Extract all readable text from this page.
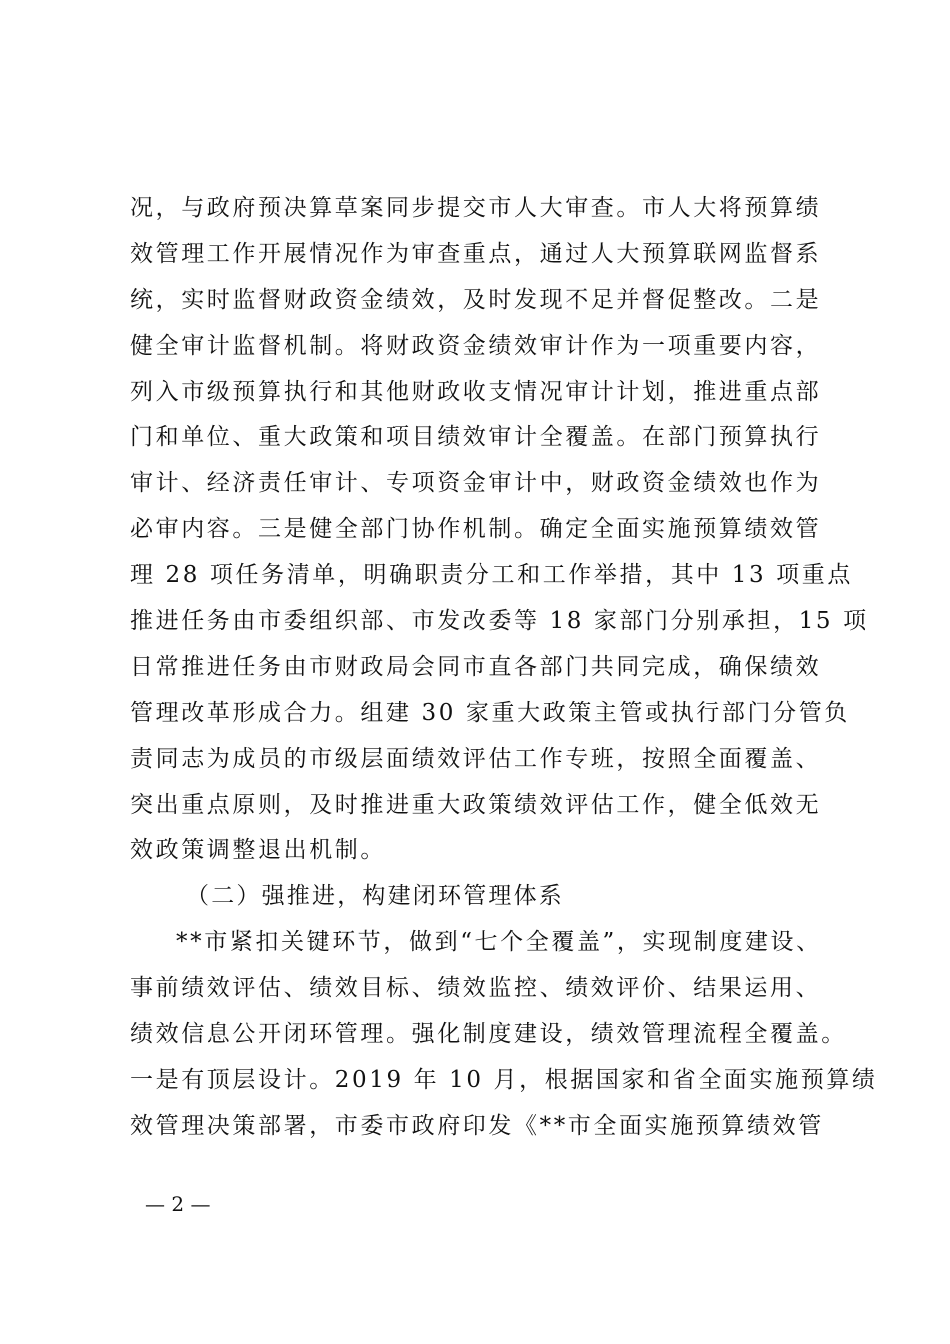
况，与政府预决算草案同步提交市人大审查。市人大将预算绩
效管理工作开展情况作为审查重点，通过人大预算联网监督系
统，实时监督财政资金绩效，及时发现不足并督促整改。二是
健全审计监督机制。将财政资金绩效审计作为一项重要内容，
列入市级预算执行和其他财政收支情况审计计划，推进重点部
门和单位、重大政策和项目绩效审计全覆盖。在部门预算执行
审计、经济责任审计、专项资金审计中，财政资金绩效也作为
必审内容。三是健全部门协作机制。确定全面实施预算绩效管
理 28 项任务清单，明确职责分工和工作举措，其中 13 项重点
推进任务由市委组织部、市发改委等 18 家部门分别承担，15 项
日常推进任务由市财政局会同市直各部门共同完成，确保绩效
管理改革形成合力。组建 30 家重大政策主管或执行部门分管负
责同志为成员的市级层面绩效评估工作专班，按照全面覆盖、
突出重点原则，及时推进重大政策绩效评估工作，健全低效无
效政策调整退出机制。
（二）强推进，构建闭环管理体系
**市紧扣关键环节，做到“七个全覆盖”，实现制度建设、
事前绩效评估、绩效目标、绩效监控、绩效评价、结果运用、
绩效信息公开闭环管理。强化制度建设，绩效管理流程全覆盖。
一是有顶层设计。2019 年 10 月，根据国家和省全面实施预算绩
效管理决策部署，市委市政府印发《**市全面实施预算绩效管
— 2 —
